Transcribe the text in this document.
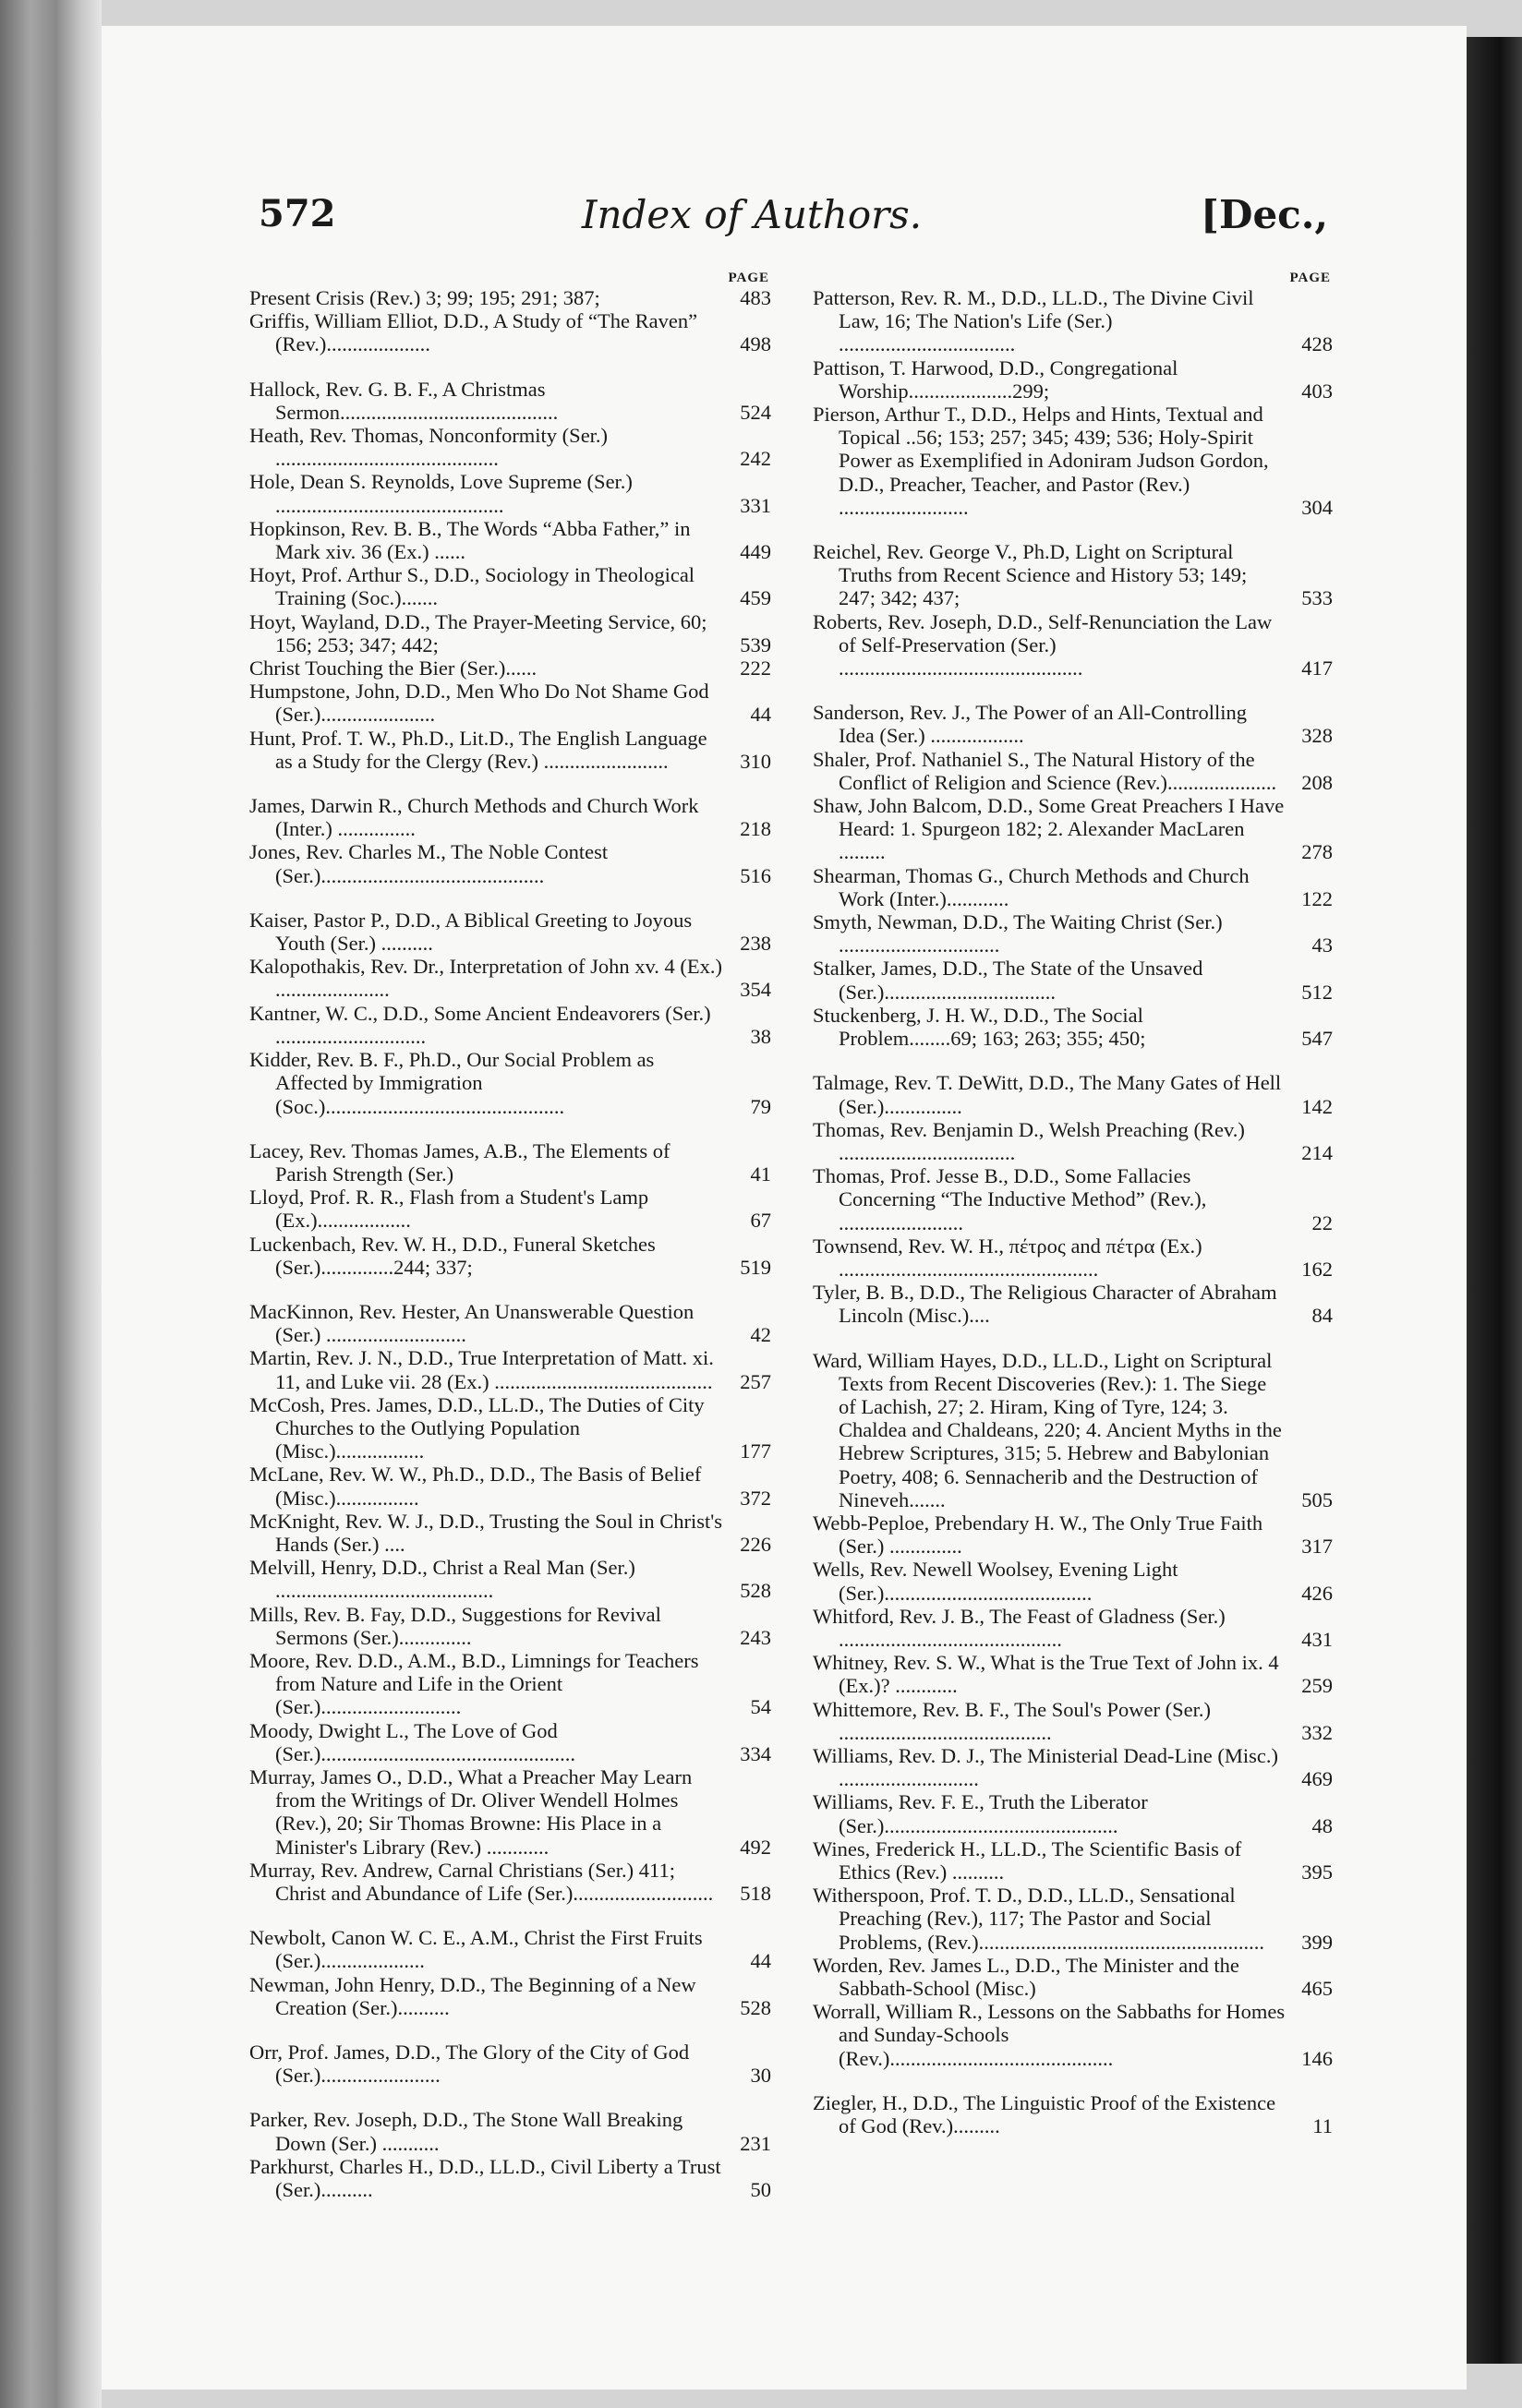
572	Index of Authors.	[Dec.,
PAGE
Present Crisis (Rev.) 3; 99; 195; 291; 387;	483
Griffis, William Elliot, D.D., A Study of “The Raven” (Rev.)....................	498
Hallock, Rev. G. B. F., A Christmas Sermon..........................................	524
Heath, Rev. Thomas, Nonconformity (Ser.) ...........................................	242
Hole, Dean S. Reynolds, Love Supreme (Ser.) ............................................	331
Hopkinson, Rev. B. B., The Words “Abba Father,” in Mark xiv. 36 (Ex.) ......	449
Hoyt, Prof. Arthur S., D.D., Sociology in Theological Training (Soc.).......	459
Hoyt, Wayland, D.D., The Prayer-Meeting Service, 60; 156; 253; 347; 442;	539
Christ Touching the Bier (Ser.)......	222
Humpstone, John, D.D., Men Who Do Not Shame God (Ser.)......................	44
Hunt, Prof. T. W., Ph.D., Lit.D., The English Language as a Study for the Clergy (Rev.) ........................	310
James, Darwin R., Church Methods and Church Work (Inter.) ...............	218
Jones, Rev. Charles M., The Noble Contest (Ser.)...........................................	516
Kaiser, Pastor P., D.D., A Biblical Greeting to Joyous Youth (Ser.) ..........	238
Kalopothakis, Rev. Dr., Interpretation of John xv. 4 (Ex.) ......................	354
Kantner, W. C., D.D., Some Ancient Endeavorers (Ser.) .............................	38
Kidder, Rev. B. F., Ph.D., Our Social Problem as Affected by Immigration (Soc.)..............................................	79
Lacey, Rev. Thomas James, A.B., The Elements of Parish Strength (Ser.)	41
Lloyd, Prof. R. R., Flash from a Student's Lamp (Ex.)..................	67
Luckenbach, Rev. W. H., D.D., Funeral Sketches (Ser.)..............244; 337;	519
MacKinnon, Rev. Hester, An Unanswerable Question (Ser.) ...........................	42
Martin, Rev. J. N., D.D., True Interpretation of Matt. xi. 11, and Luke vii. 28 (Ex.) ..........................................	257
McCosh, Pres. James, D.D., LL.D., The Duties of City Churches to the Outlying Population (Misc.).................	177
McLane, Rev. W. W., Ph.D., D.D., The Basis of Belief (Misc.)................	372
McKnight, Rev. W. J., D.D., Trusting the Soul in Christ's Hands (Ser.) ....	226
Melvill, Henry, D.D., Christ a Real Man (Ser.) ..........................................	528
Mills, Rev. B. Fay, D.D., Suggestions for Revival Sermons (Ser.)..............	243
Moore, Rev. D.D., A.M., B.D., Limnings for Teachers from Nature and Life in the Orient (Ser.)...........................	54
Moody, Dwight L., The Love of God (Ser.).................................................	334
Murray, James O., D.D., What a Preacher May Learn from the Writings of Dr. Oliver Wendell Holmes (Rev.), 20; Sir Thomas Browne: His Place in a Minister's Library (Rev.) ............	492
Murray, Rev. Andrew, Carnal Christians (Ser.) 411; Christ and Abundance of Life (Ser.)...........................	518
Newbolt, Canon W. C. E., A.M., Christ the First Fruits (Ser.)....................	44
Newman, John Henry, D.D., The Beginning of a New Creation (Ser.)..........	528
Orr, Prof. James, D.D., The Glory of the City of God (Ser.).......................	30
Parker, Rev. Joseph, D.D., The Stone Wall Breaking Down (Ser.) ...........	231
Parkhurst, Charles H., D.D., LL.D., Civil Liberty a Trust (Ser.)..........	50
PAGE
Patterson, Rev. R. M., D.D., LL.D., The Divine Civil Law, 16; The Nation's Life (Ser.) ..................................	428
Pattison, T. Harwood, D.D., Congregational Worship....................299;	403
Pierson, Arthur T., D.D., Helps and Hints, Textual and Topical ..56; 153; 257; 345; 439; 536; Holy-Spirit Power as Exemplified in Adoniram Judson Gordon, D.D., Preacher, Teacher, and Pastor (Rev.) .........................	304
Reichel, Rev. George V., Ph.D, Light on Scriptural Truths from Recent Science and History 53; 149; 247; 342; 437;	533
Roberts, Rev. Joseph, D.D., Self-Renunciation the Law of Self-Preservation (Ser.) ...............................................	417
Sanderson, Rev. J., The Power of an All-Controlling Idea (Ser.) ..................	328
Shaler, Prof. Nathaniel S., The Natural History of the Conflict of Religion and Science (Rev.).....................	208
Shaw, John Balcom, D.D., Some Great Preachers I Have Heard: 1. Spurgeon 182; 2. Alexander MacLaren .........	278
Shearman, Thomas G., Church Methods and Church Work (Inter.)............	122
Smyth, Newman, D.D., The Waiting Christ (Ser.) ...............................	43
Stalker, James, D.D., The State of the Unsaved (Ser.).................................	512
Stuckenberg, J. H. W., D.D., The Social Problem........69; 163; 263; 355; 450;	547
Talmage, Rev. T. DeWitt, D.D., The Many Gates of Hell (Ser.)...............	142
Thomas, Rev. Benjamin D., Welsh Preaching (Rev.) ..................................	214
Thomas, Prof. Jesse B., D.D., Some Fallacies Concerning “The Inductive Method” (Rev.), ........................	22
Townsend, Rev. W. H., πέτρος and πέτρα (Ex.) ..................................................	162
Tyler, B. B., D.D., The Religious Character of Abraham Lincoln (Misc.)....	84
Ward, William Hayes, D.D., LL.D., Light on Scriptural Texts from Recent Discoveries (Rev.): 1. The Siege of Lachish, 27; 2. Hiram, King of Tyre, 124; 3. Chaldea and Chaldeans, 220; 4. Ancient Myths in the Hebrew Scriptures, 315; 5. Hebrew and Babylonian Poetry, 408; 6. Sennacherib and the Destruction of Nineveh.......	505
Webb-Peploe, Prebendary H. W., The Only True Faith (Ser.) ..............	317
Wells, Rev. Newell Woolsey, Evening Light (Ser.)........................................	426
Whitford, Rev. J. B., The Feast of Gladness (Ser.) ...........................................	431
Whitney, Rev. S. W., What is the True Text of John ix. 4 (Ex.)? ............	259
Whittemore, Rev. B. F., The Soul's Power (Ser.) .........................................	332
Williams, Rev. D. J., The Ministerial Dead-Line (Misc.) ...........................	469
Williams, Rev. F. E., Truth the Liberator (Ser.).............................................	48
Wines, Frederick H., LL.D., The Scientific Basis of Ethics (Rev.) ..........	395
Witherspoon, Prof. T. D., D.D., LL.D., Sensational Preaching (Rev.), 117; The Pastor and Social Problems, (Rev.).......................................................	399
Worden, Rev. James L., D.D., The Minister and the Sabbath-School (Misc.)	465
Worrall, William R., Lessons on the Sabbaths for Homes and Sunday-Schools (Rev.)...........................................	146
Ziegler, H., D.D., The Linguistic Proof of the Existence of God (Rev.).........	11
